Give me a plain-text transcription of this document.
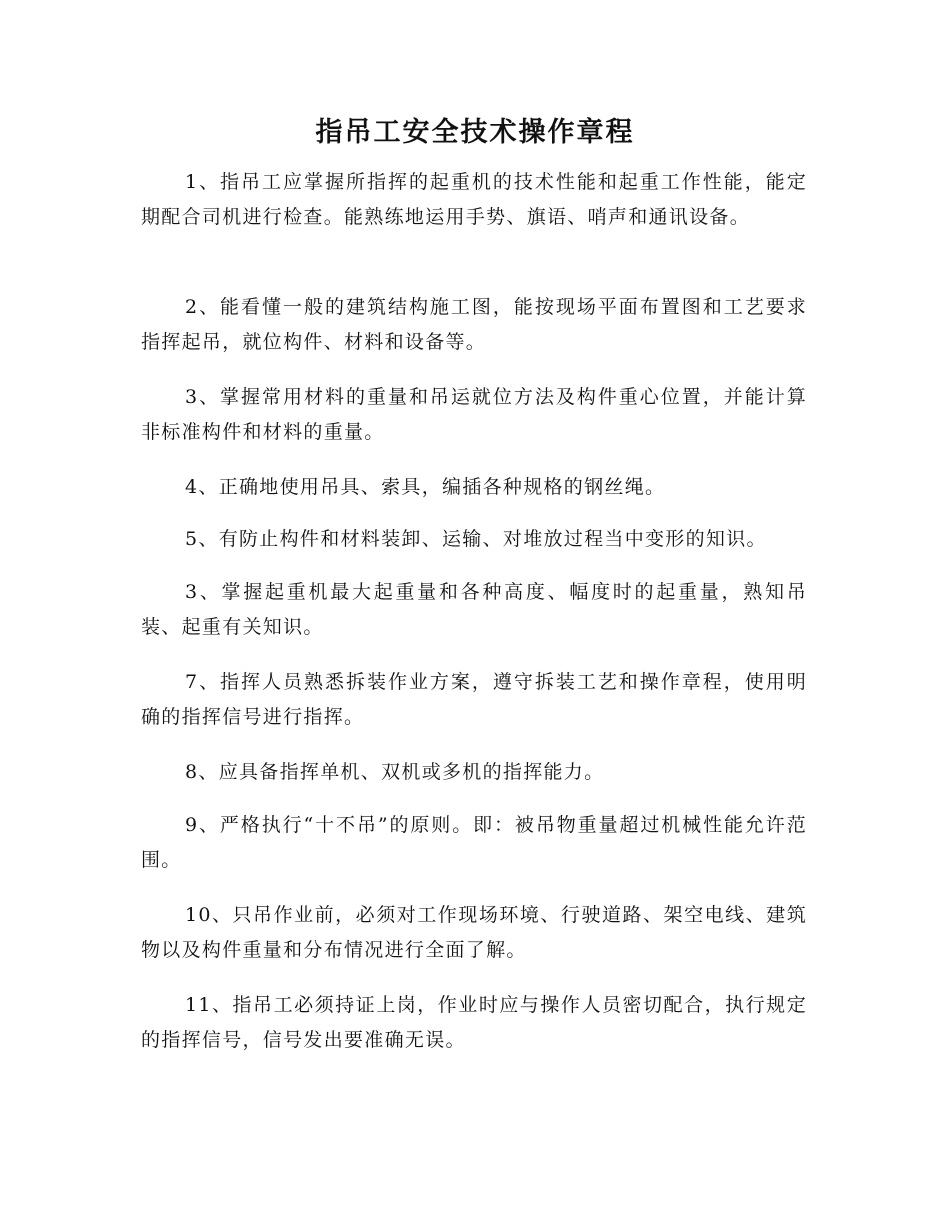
指吊工安全技术操作章程
1、指吊工应掌握所指挥的起重机的技术性能和起重工作性能，能定期配合司机进行检查。能熟练地运用手势、旗语、哨声和通讯设备。
2、能看懂一般的建筑结构施工图，能按现场平面布置图和工艺要求指挥起吊，就位构件、材料和设备等。
3、掌握常用材料的重量和吊运就位方法及构件重心位置，并能计算非标准构件和材料的重量。
4、正确地使用吊具、索具，编插各种规格的钢丝绳。
5、有防止构件和材料装卸、运输、对堆放过程当中变形的知识。
3、掌握起重机最大起重量和各种高度、幅度时的起重量，熟知吊装、起重有关知识。
7、指挥人员熟悉拆装作业方案，遵守拆装工艺和操作章程，使用明确的指挥信号进行指挥。
8、应具备指挥单机、双机或多机的指挥能力。
9、严格执行“十不吊”的原则。即：被吊物重量超过机械性能允许范围。
10、只吊作业前，必须对工作现场环境、行驶道路、架空电线、建筑物以及构件重量和分布情况进行全面了解。
11、指吊工必须持证上岗，作业时应与操作人员密切配合，执行规定的指挥信号，信号发出要准确无误。
